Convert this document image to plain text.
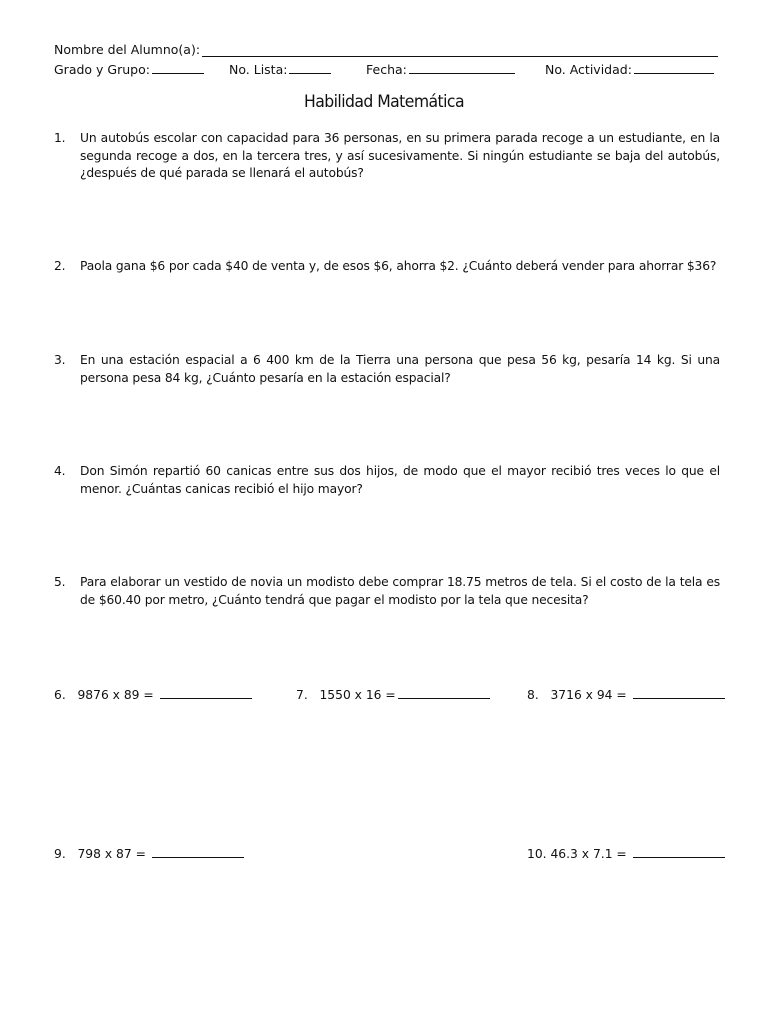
Nombre del Alumno(a):
Grado y Grupo:	No. Lista:	Fecha:	No. Actividad:
Habilidad Matemática
1. Un autobús escolar con capacidad para 36 personas, en su primera parada recoge a un estudiante, en la segunda recoge a dos, en la tercera tres, y así sucesivamente. Si ningún estudiante se baja del autobús, ¿después de qué parada se llenará el autobús?
2. Paola gana $6 por cada $40 de venta y, de esos $6, ahorra $2. ¿Cuánto deberá vender para ahorrar $36?
3. En una estación espacial a 6 400 km de la Tierra una persona que pesa 56 kg, pesaría 14 kg. Si una persona pesa 84 kg, ¿Cuánto pesaría en la estación espacial?
4. Don Simón repartió 60 canicas entre sus dos hijos, de modo que el mayor recibió tres veces lo que el menor. ¿Cuántas canicas recibió el hijo mayor?
5. Para elaborar un vestido de novia un modisto debe comprar 18.75 metros de tela. Si el costo de la tela es de $60.40 por metro, ¿Cuánto tendrá que pagar el modisto por la tela que necesita?
6. 9876 x 89 =	7. 1550 x 16 =	8. 3716 x 94 =
9. 798 x 87 =	10. 46.3 x 7.1 =
